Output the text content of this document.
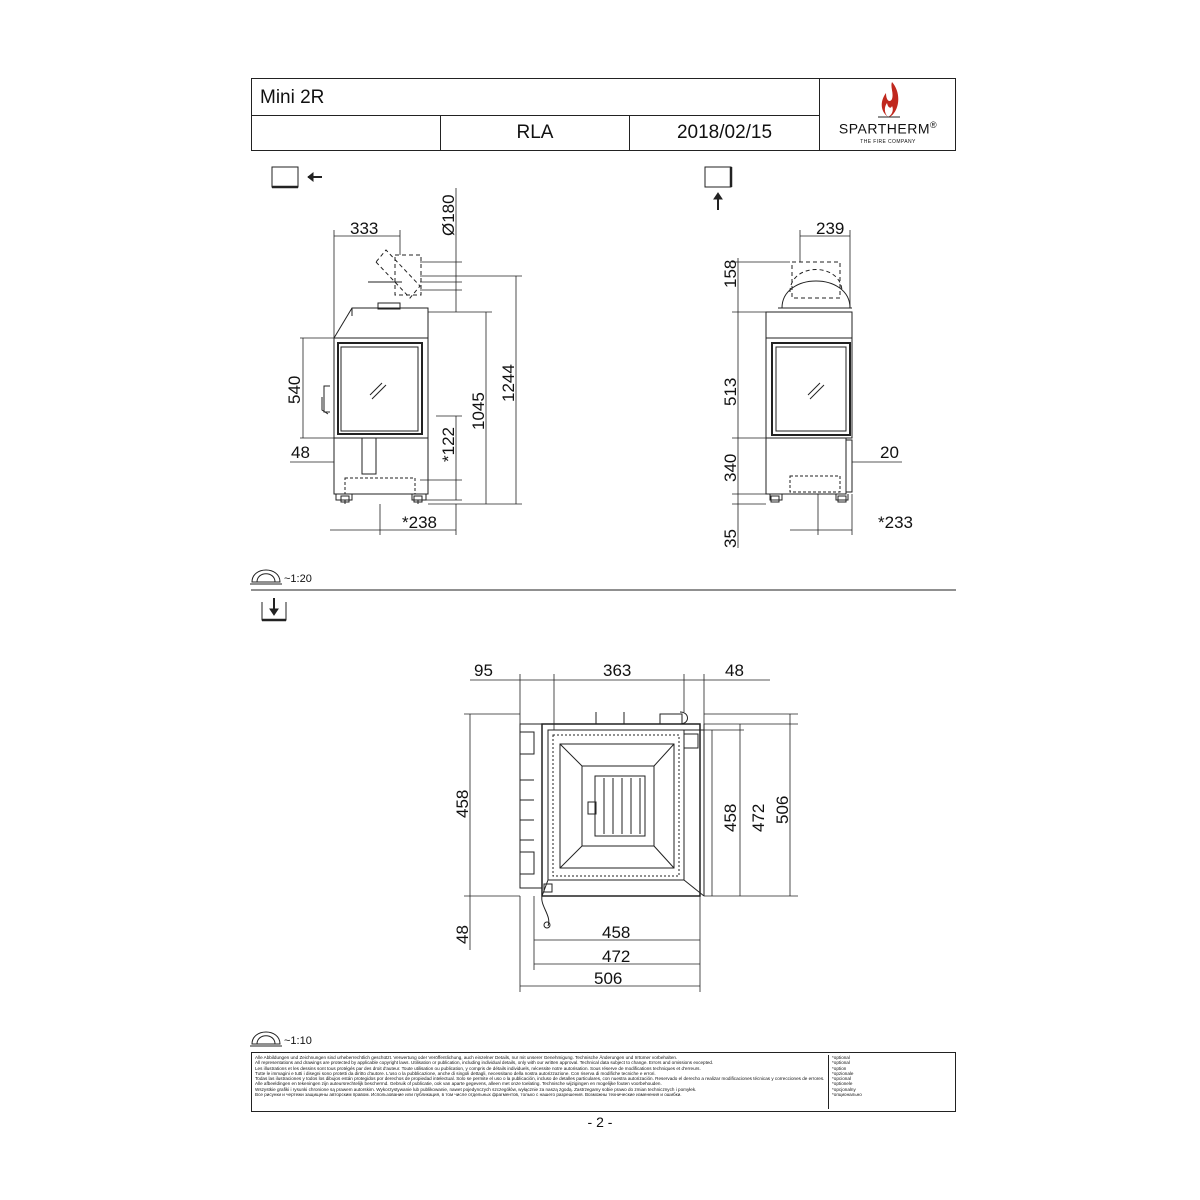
Mini 2R
RLA	2018/02/15	SPARTHERM®
THE FIRE COMPANY
333	Ø180
540
48	*122
1045
1244
*238
239
158
513
340
35
20
*233
95	363	48
458
48
458 472 506
458
472
506
~1:20
~1:10
Alle Abbildungen und Zeichnungen sind urheberrechtlich geschützt. Verwertung oder Veröffentlichung, auch einzelner Details, nur mit unserer Genehmigung. Technische Änderungen und Irrtümer vorbehalten.
All representations and drawings are protected by applicable copyright laws. Utilisation or publication, including individual details, only with our written approval. Technical data subject to change. Errors and omissions excepted.
Les illustrations et les dessins sont tous protégés par des droit d'auteur. Toute utilisation ou publication, y compris de détails individuels, nécessite notre autorisation. Sous réserve de modifications techniques et d'erreurs.
Tutte le immagini e tutti i disegni sono protetti da diritto d'autore. L'uso o la pubblicazione, anche di singoli dettagli, necessitano della nostra autorizzazione. Con riserva di modifiche tecniche e errori.
Todas las ilustraciones y todos los dibujos están protegidos por derechos de propiedad intelectual. Solo se permite el uso o la publicación, incluso de detalles particulares, con nuestra autorización. Reservado el derecho a realizar modificaciones técnicas y correcciones de errores.
Alle afbeeldingen en tekeningen zijn auteursrechtelijk beschermd. Gebruik of publicatie, ook van aparte gegevens, alleen met onze toelating. Technische wijzigingen en mogelijke fouten voorbehouden.
Wszystkie grafiki i rysunki chronione są prawem autorskim. Wykorzystywanie lub publikowanie, nawet pojedynczych szczegółów, wyłącznie za naszą zgodą. Zastrzegamy sobie prawo do zmian technicznych i pomyłek.
Все рисунки и чертежи защищены авторским правом. Использование или публикация, в том числе отдельных фрагментов, только с нашего разрешения. Возможны технические изменения и ошибки.
*optional
*optional
*option
*opzionale
*opcional
*optionele
*opcjonalny
*опционально
- 2 -
